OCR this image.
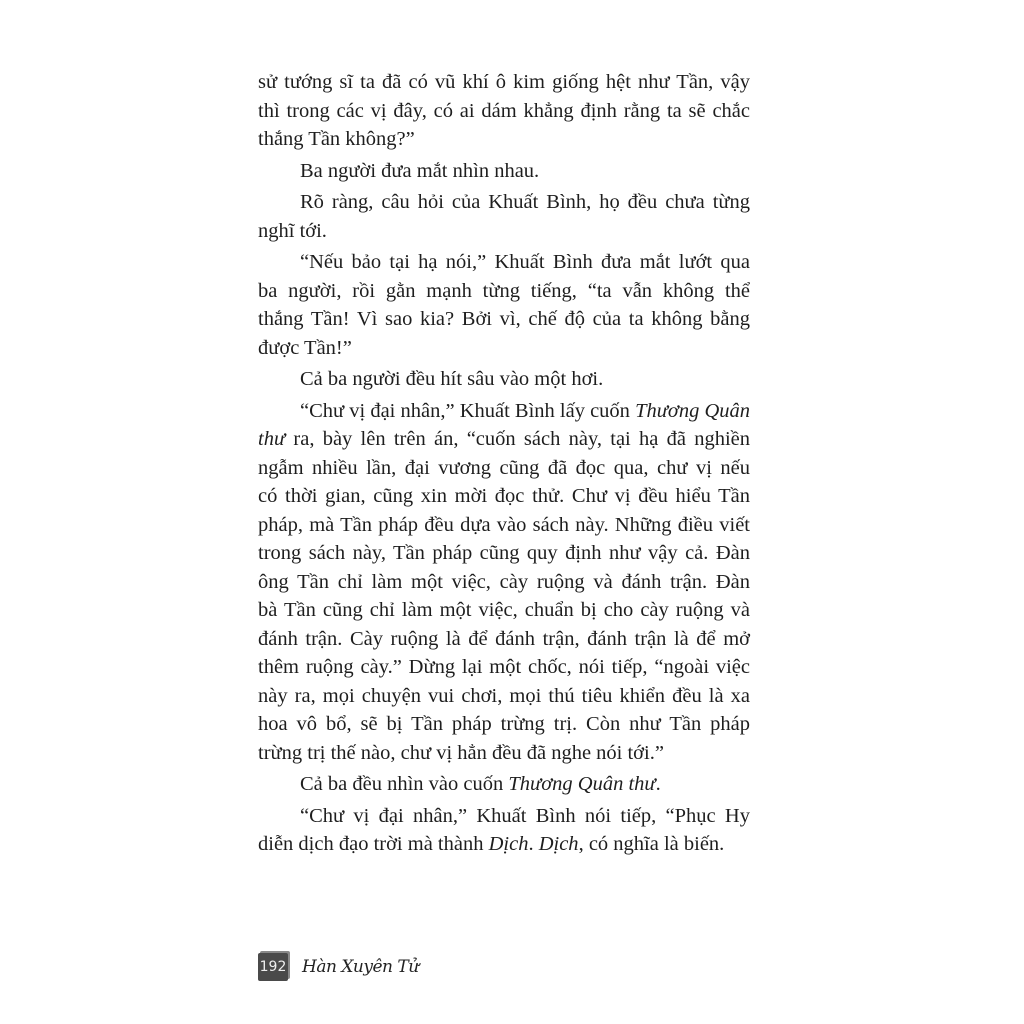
sử tướng sĩ ta đã có vũ khí ô kim giống hệt như Tần, vậy
thì trong các vị đây, có ai dám khẳng định rằng ta sẽ chắc
thắng Tần không?”
Ba người đưa mắt nhìn nhau.
Rõ ràng, câu hỏi của Khuất Bình, họ đều chưa từng
nghĩ tới.
“Nếu bảo tại hạ nói,” Khuất Bình đưa mắt lướt qua
ba người, rồi gằn mạnh từng tiếng, “ta vẫn không thể
thắng Tần! Vì sao kia? Bởi vì, chế độ của ta không bằng
được Tần!”
Cả ba người đều hít sâu vào một hơi.
“Chư vị đại nhân,” Khuất Bình lấy cuốn Thương Quân
thư ra, bày lên trên án, “cuốn sách này, tại hạ đã nghiền
ngẫm nhiều lần, đại vương cũng đã đọc qua, chư vị nếu
có thời gian, cũng xin mời đọc thử. Chư vị đều hiểu Tần
pháp, mà Tần pháp đều dựa vào sách này. Những điều viết
trong sách này, Tần pháp cũng quy định như vậy cả. Đàn
ông Tần chỉ làm một việc, cày ruộng và đánh trận. Đàn
bà Tần cũng chỉ làm một việc, chuẩn bị cho cày ruộng và
đánh trận. Cày ruộng là để đánh trận, đánh trận là để mở
thêm ruộng cày.” Dừng lại một chốc, nói tiếp, “ngoài việc
này ra, mọi chuyện vui chơi, mọi thú tiêu khiển đều là xa
hoa vô bổ, sẽ bị Tần pháp trừng trị. Còn như Tần pháp
trừng trị thế nào, chư vị hẳn đều đã nghe nói tới.”
Cả ba đều nhìn vào cuốn Thương Quân thư.
“Chư vị đại nhân,” Khuất Bình nói tiếp, “Phục Hy
diễn dịch đạo trời mà thành Dịch. Dịch, có nghĩa là biến.
192 Hàn Xuyên Tử
